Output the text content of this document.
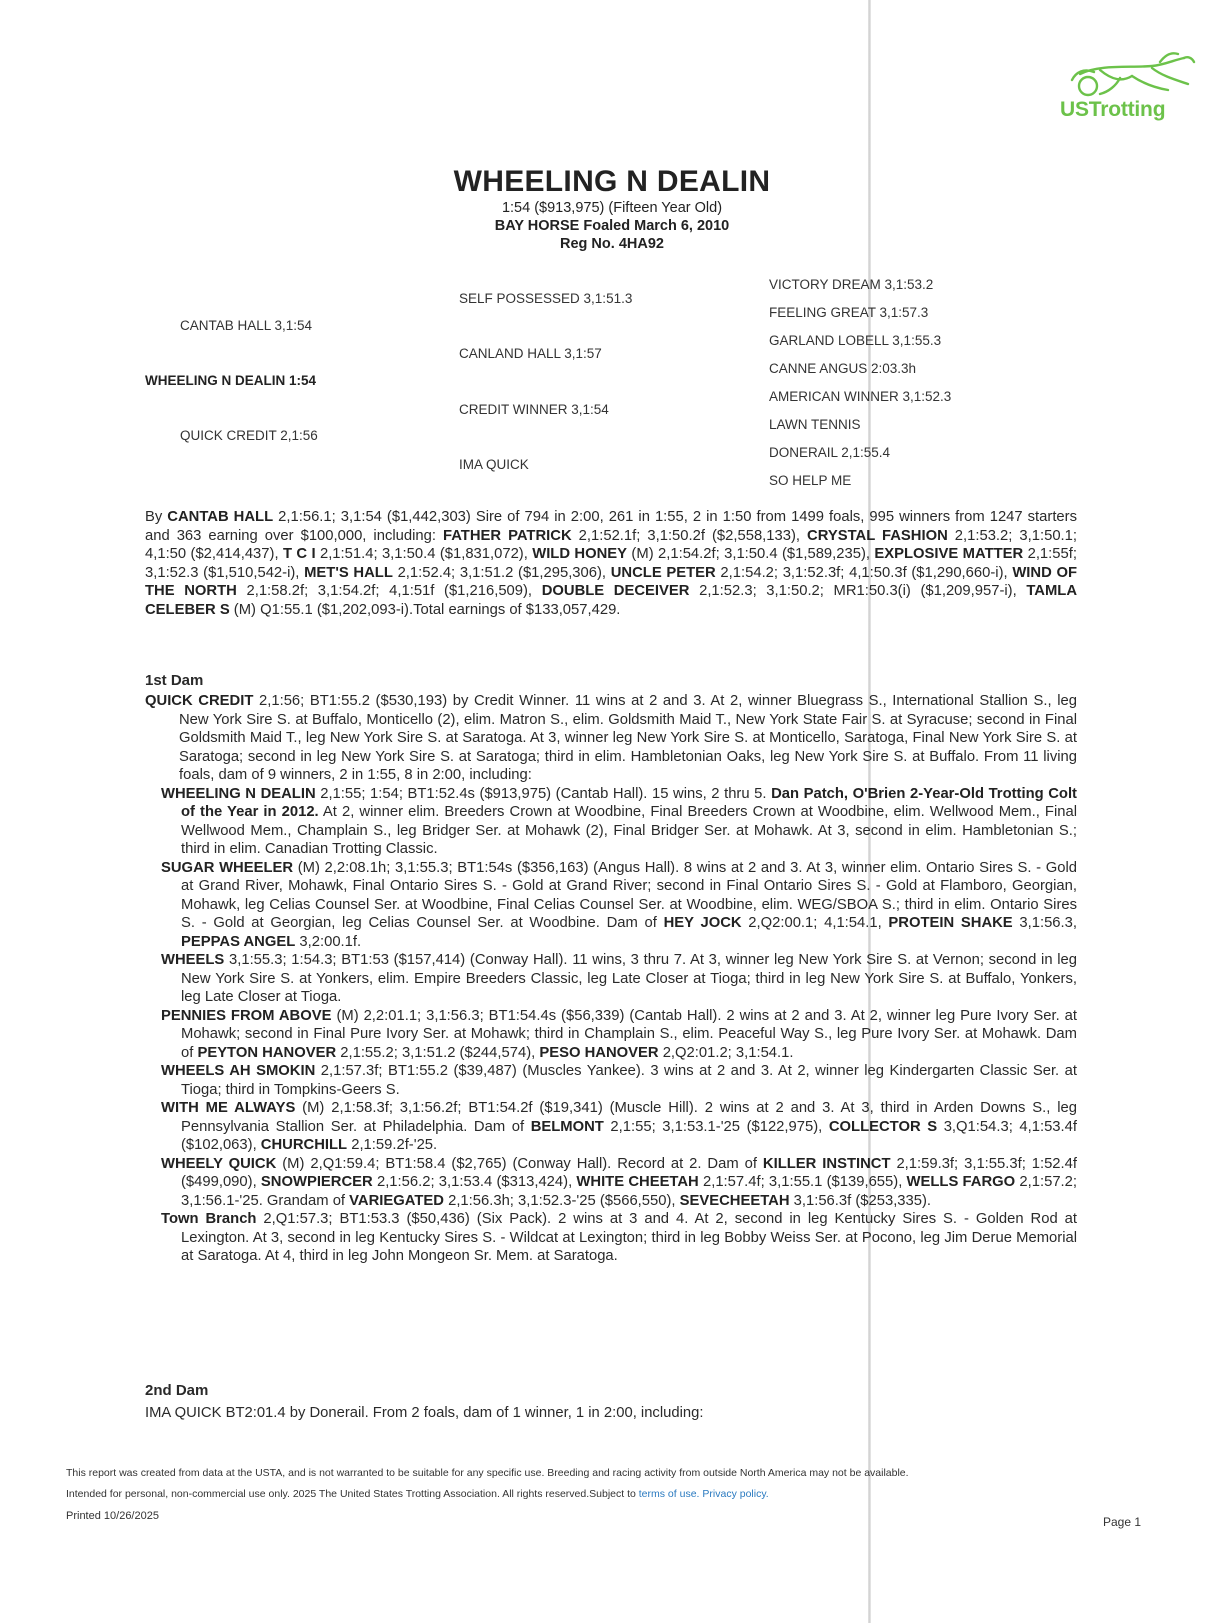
USTrotting
WHEELING N DEALIN
1:54 ($913,975) (Fifteen Year Old)
BAY HORSE Foaled March 6, 2010
Reg No. 4HA92
CANTAB HALL 3,1:54
WHEELING N DEALIN 1:54
QUICK CREDIT 2,1:56
SELF POSSESSED 3,1:51.3
CANLAND HALL 3,1:57
CREDIT WINNER 3,1:54
IMA QUICK
VICTORY DREAM 3,1:53.2
FEELING GREAT 3,1:57.3
GARLAND LOBELL 3,1:55.3
CANNE ANGUS 2:03.3h
AMERICAN WINNER 3,1:52.3
LAWN TENNIS
DONERAIL 2,1:55.4
SO HELP ME
By CANTAB HALL 2,1:56.1; 3,1:54 ($1,442,303) Sire of 794 in 2:00, 261 in 1:55, 2 in 1:50 from 1499 foals, 995 winners from 1247 starters and 363 earning over $100,000, including: FATHER PATRICK 2,1:52.1f; 3,1:50.2f ($2,558,133), CRYSTAL FASHION 2,1:53.2; 3,1:50.1; 4,1:50 ($2,414,437), T C I 2,1:51.4; 3,1:50.4 ($1,831,072), WILD HONEY (M) 2,1:54.2f; 3,1:50.4 ($1,589,235), EXPLOSIVE MATTER 2,1:55f; 3,1:52.3 ($1,510,542-i), MET'S HALL 2,1:52.4; 3,1:51.2 ($1,295,306), UNCLE PETER 2,1:54.2; 3,1:52.3f; 4,1:50.3f ($1,290,660-i), WIND OF THE NORTH 2,1:58.2f; 3,1:54.2f; 4,1:51f ($1,216,509), DOUBLE DECEIVER 2,1:52.3; 3,1:50.2; MR1:50.3(i) ($1,209,957-i), TAMLA CELEBER S (M) Q1:55.1 ($1,202,093-i).Total earnings of $133,057,429.
1st Dam

QUICK CREDIT 2,1:56; BT1:55.2 ($530,193) by Credit Winner. 11 wins at 2 and 3. At 2, winner Bluegrass S., International Stallion S., leg New York Sire S. at Buffalo, Monticello (2), elim. Matron S., elim. Goldsmith Maid T., New York State Fair S. at Syracuse; second in Final Goldsmith Maid T., leg New York Sire S. at Saratoga. At 3, winner leg New York Sire S. at Monticello, Saratoga, Final New York Sire S. at Saratoga; second in leg New York Sire S. at Saratoga; third in elim. Hambletonian Oaks, leg New York Sire S. at Buffalo. From 11 living foals, dam of 9 winners, 2 in 1:55, 8 in 2:00, including:

WHEELING N DEALIN 2,1:55; 1:54; BT1:52.4s ($913,975) (Cantab Hall). 15 wins, 2 thru 5. Dan Patch, O'Brien 2-Year-Old Trotting Colt of the Year in 2012. At 2, winner elim. Breeders Crown at Woodbine, Final Breeders Crown at Woodbine, elim. Wellwood Mem., Final Wellwood Mem., Champlain S., leg Bridger Ser. at Mohawk (2), Final Bridger Ser. at Mohawk. At 3, second in elim. Hambletonian S.; third in elim. Canadian Trotting Classic.

SUGAR WHEELER (M) 2,2:08.1h; 3,1:55.3; BT1:54s ($356,163) (Angus Hall). 8 wins at 2 and 3. At 3, winner elim. Ontario Sires S. - Gold at Grand River, Mohawk, Final Ontario Sires S. - Gold at Grand River; second in Final Ontario Sires S. - Gold at Flamboro, Georgian, Mohawk, leg Celias Counsel Ser. at Woodbine, Final Celias Counsel Ser. at Woodbine, elim. WEG/SBOA S.; third in elim. Ontario Sires S. - Gold at Georgian, leg Celias Counsel Ser. at Woodbine. Dam of HEY JOCK 2,Q2:00.1; 4,1:54.1, PROTEIN SHAKE 3,1:56.3, PEPPAS ANGEL 3,2:00.1f.

WHEELS 3,1:55.3; 1:54.3; BT1:53 ($157,414) (Conway Hall). 11 wins, 3 thru 7. At 3, winner leg New York Sire S. at Vernon; second in leg New York Sire S. at Yonkers, elim. Empire Breeders Classic, leg Late Closer at Tioga; third in leg New York Sire S. at Buffalo, Yonkers, leg Late Closer at Tioga.

PENNIES FROM ABOVE (M) 2,2:01.1; 3,1:56.3; BT1:54.4s ($56,339) (Cantab Hall). 2 wins at 2 and 3. At 2, winner leg Pure Ivory Ser. at Mohawk; second in Final Pure Ivory Ser. at Mohawk; third in Champlain S., elim. Peaceful Way S., leg Pure Ivory Ser. at Mohawk. Dam of PEYTON HANOVER 2,1:55.2; 3,1:51.2 ($244,574), PESO HANOVER 2,Q2:01.2; 3,1:54.1.

WHEELS AH SMOKIN 2,1:57.3f; BT1:55.2 ($39,487) (Muscles Yankee). 3 wins at 2 and 3. At 2, winner leg Kindergarten Classic Ser. at Tioga; third in Tompkins-Geers S.

WITH ME ALWAYS (M) 2,1:58.3f; 3,1:56.2f; BT1:54.2f ($19,341) (Muscle Hill). 2 wins at 2 and 3. At 3, third in Arden Downs S., leg Pennsylvania Stallion Ser. at Philadelphia. Dam of BELMONT 2,1:55; 3,1:53.1-'25 ($122,975), COLLECTOR S 3,Q1:54.3; 4,1:53.4f ($102,063), CHURCHILL 2,1:59.2f-'25.

WHEELY QUICK (M) 2,Q1:59.4; BT1:58.4 ($2,765) (Conway Hall). Record at 2. Dam of KILLER INSTINCT 2,1:59.3f; 3,1:55.3f; 1:52.4f ($499,090), SNOWPIERCER 2,1:56.2; 3,1:53.4 ($313,424), WHITE CHEETAH 2,1:57.4f; 3,1:55.1 ($139,655), WELLS FARGO 2,1:57.2; 3,1:56.1-'25. Grandam of VARIEGATED 2,1:56.3h; 3,1:52.3-'25 ($566,550), SEVECHEETAH 3,1:56.3f ($253,335).

Town Branch 2,Q1:57.3; BT1:53.3 ($50,436) (Six Pack). 2 wins at 3 and 4. At 2, second in leg Kentucky Sires S. - Golden Rod at Lexington. At 3, second in leg Kentucky Sires S. - Wildcat at Lexington; third in leg Bobby Weiss Ser. at Pocono, leg Jim Derue Memorial at Saratoga. At 4, third in leg John Mongeon Sr. Mem. at Saratoga.

2nd Dam
IMA QUICK BT2:01.4 by Donerail. From 2 foals, dam of 1 winner, 1 in 2:00, including:
This report was created from data at the USTA, and is not warranted to be suitable for any specific use. Breeding and racing activity from outside North America may not be available.
Intended for personal, non-commercial use only. 2025 The United States Trotting Association. All rights reserved.Subject to terms of use. Privacy policy.
Printed 10/26/2025	Page 1
